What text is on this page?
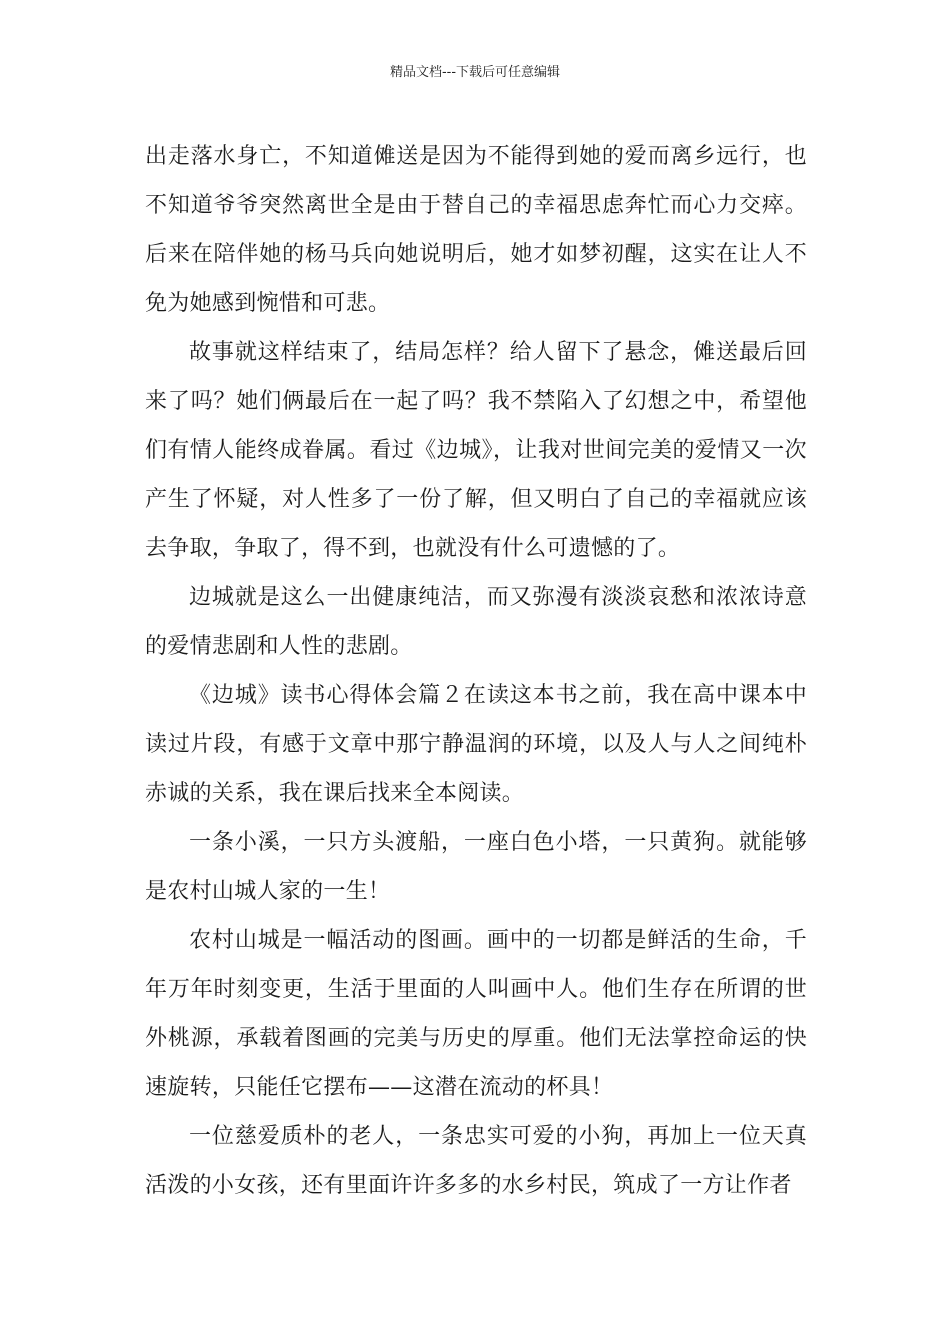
精品文档---下载后可任意编辑

出走落水身亡，不知道傩送是因为不能得到她的爱而离乡远行，也不知道爷爷突然离世全是由于替自己的幸福思虑奔忙而心力交瘁。后来在陪伴她的杨马兵向她说明后，她才如梦初醒，这实在让人不免为她感到惋惜和可悲。

故事就这样结束了，结局怎样？给人留下了悬念，傩送最后回来了吗？她们俩最后在一起了吗？我不禁陷入了幻想之中，希望他们有情人能终成眷属。看过《边城》，让我对世间完美的爱情又一次产生了怀疑，对人性多了一份了解，但又明白了自己的幸福就应该去争取，争取了，得不到，也就没有什么可遗憾的了。

边城就是这么一出健康纯洁，而又弥漫有淡淡哀愁和浓浓诗意的爱情悲剧和人性的悲剧。

《边城》读书心得体会篇２在读这本书之前，我在高中课本中读过片段，有感于文章中那宁静温润的环境，以及人与人之间纯朴赤诚的关系，我在课后找来全本阅读。

一条小溪，一只方头渡船，一座白色小塔，一只黄狗。就能够是农村山城人家的一生！

农村山城是一幅活动的图画。画中的一切都是鲜活的生命，千年万年时刻变更，生活于里面的人叫画中人。他们生存在所谓的世外桃源，承载着图画的完美与历史的厚重。他们无法掌控命运的快速旋转，只能任它摆布——这潜在流动的杯具！

一位慈爱质朴的老人，一条忠实可爱的小狗，再加上一位天真活泼的小女孩，还有里面许许多多的水乡村民，筑成了一方让作者
